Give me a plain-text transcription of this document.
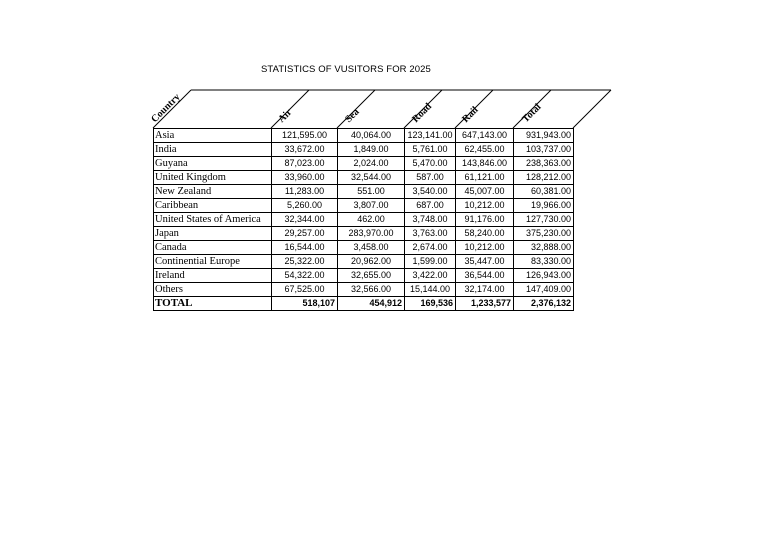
STATISTICS OF VUSITORS FOR 2025
Country	Air	Sea	Road	Rail	Total
Asia	121,595.00	40,064.00	123,141.00	647,143.00	931,943.00
India	33,672.00	1,849.00	5,761.00	62,455.00	103,737.00
Guyana	87,023.00	2,024.00	5,470.00	143,846.00	238,363.00
United Kingdom	33,960.00	32,544.00	587.00	61,121.00	128,212.00
New Zealand	11,283.00	551.00	3,540.00	45,007.00	60,381.00
Caribbean	5,260.00	3,807.00	687.00	10,212.00	19,966.00
United States of America	32,344.00	462.00	3,748.00	91,176.00	127,730.00
Japan	29,257.00	283,970.00	3,763.00	58,240.00	375,230.00
Canada	16,544.00	3,458.00	2,674.00	10,212.00	32,888.00
Continential Europe	25,322.00	20,962.00	1,599.00	35,447.00	83,330.00
Ireland	54,322.00	32,655.00	3,422.00	36,544.00	126,943.00
Others	67,525.00	32,566.00	15,144.00	32,174.00	147,409.00
TOTAL	518,107	454,912	169,536	1,233,577	2,376,132
